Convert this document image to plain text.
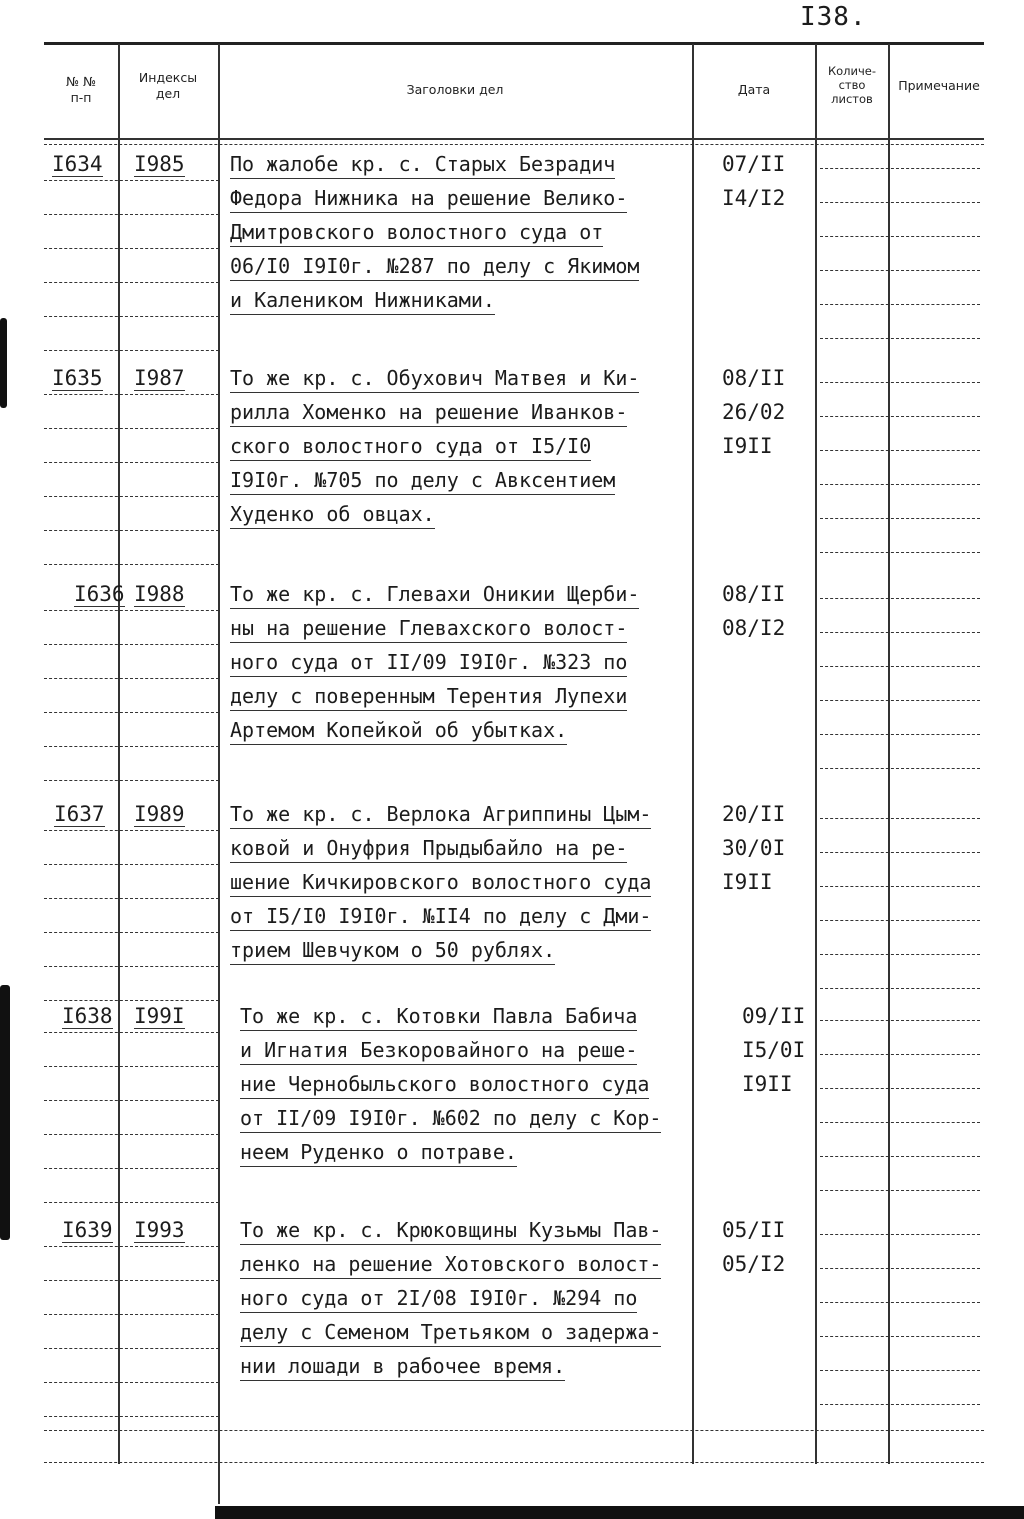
I38.
№ №
п-п
Индексы
дел	Заголовки дел	Дата
Количе-
ство
листов
Примечание
I634 I985 По жалобе кр. с. Старых Безрадич
Федора Нижника на решение Велико-
Дмитровского волостного суда от
06/I0 I9I0г. №287 по делу с Якимом
и Калеником Нижниками.
07/II
I4/I2
I635 I987 То же кр. с. Обухович Матвея и Ки-
рилла Хоменко на решение Иванков-
ского волостного суда от I5/I0
I9I0г. №705 по делу с Авксентием
Худенко об овцах.
08/II
26/02
I9II
I636 I988 То же кр. с. Глевахи Оникии Щерби-
ны на решение Глевахского волост-
ного суда от II/09 I9I0г. №323 по
делу с поверенным Терентия Лупехи
Артемом Копейкой об убытках.
08/II
08/I2
I637 I989 То же кр. с. Верлока Агриппины Цым-
ковой и Онуфрия Прыдыбайло на ре-
шение Кичкировского волостного суда
от I5/I0 I9I0г. №II4 по делу с Дми-
трием Шевчуком о 50 рублях.
20/II
30/0I
I9II
I638 I99I	То же кр. с. Котовки Павла Бабича
и Игнатия Безкоровайного на реше-
ние Чернобыльского волостного суда
от II/09 I9I0г. №602 по делу с Кор-
неем Руденко о потраве.
09/II
I5/0I
I9II
I639 I993	То же кр. с. Крюковщины Кузьмы Пав-
ленко на решение Хотовского волост-
ного суда от 2I/08 I9I0г. №294 по
делу с Семеном Третьяком о задержа-
нии лошади в рабочее время.
05/II
05/I2
